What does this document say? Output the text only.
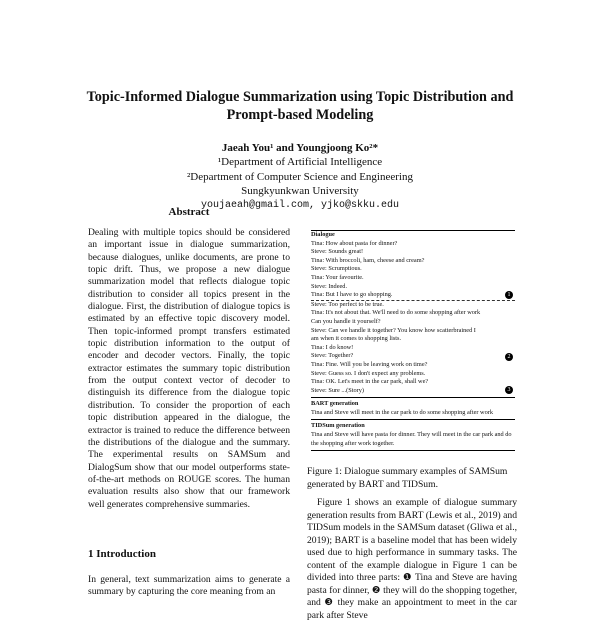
Topic-Informed Dialogue Summarization using Topic Distribution and Prompt-based Modeling
Jaeah You¹ and Youngjoong Ko²*
¹Department of Artificial Intelligence
²Department of Computer Science and Engineering
Sungkyunkwan University
youjaeah@gmail.com, yjko@skku.edu
Abstract
Dealing with multiple topics should be considered an important issue in dialogue summarization, because dialogues, unlike documents, are prone to topic drift. Thus, we propose a new dialogue summarization model that reflects dialogue topic distribution to consider all topics present in the dialogue. First, the distribution of dialogue topics is estimated by an effective topic discovery model. Then topic-informed prompt transfers estimated topic distribution information to the output of encoder and decoder vectors. Finally, the topic extractor estimates the summary topic distribution from the output context vector of decoder to distinguish its difference from the dialogue topic distribution. To consider the proportion of each topic distribution appeared in the dialogue, the extractor is trained to reduce the difference between the distributions of the dialogue and the summary. The experimental results on SAMSum and DialogSum show that our model outperforms state-of-the-art methods on ROUGE scores. The human evaluation results also show that our framework well generates comprehensive summaries.
1 Introduction
In general, text summarization aims to generate a summary by capturing the core meaning from an
Dialogue
Tina: How about pasta for dinner?
Steve: Sounds great!
Tina: With broccoli, ham, cheese and cream?
Steve: Scrumptious.
Tina: Your favourite.
Steve: Indeed.
Tina: But I have to go shopping.	1
Steve: Too perfect to be true.
Tina: It's not about that. We'll need to do some shopping after work
Can you handle it yourself?
Steve: Can we handle it together? You know how scatterbrained I
am when it comes to shopping lists.
Tina: I do know!
Steve: Together?
Tina: Fine. Will you be leaving work on time?
Steve: Guess so. I don't expect any problems.
Tina: OK. Let's meet in the car park, shall we?
Steve: Sure ...(Story)
2
3
BART generation
Tina and Steve will meet in the car park to do some shopping after work
TIDSum generation
Tina and Steve will have pasta for dinner. They will meet in the car park and do the shopping after work together.
Figure 1: Dialogue summary examples of SAMSum generated by BART and TIDSum.
Figure 1 shows an example of dialogue summary generation results from BART (Lewis et al., 2019) and TIDSum models in the SAMSum dataset (Gliwa et al., 2019); BART is a baseline model that has been widely used due to high performance in summary tasks. The content of the example dialogue in Figure 1 can be divided into three parts: ❶ Tina and Steve are having pasta for dinner, ❷ they will do the shopping together, and ❸ they make an appointment to meet in the car park after Steve
